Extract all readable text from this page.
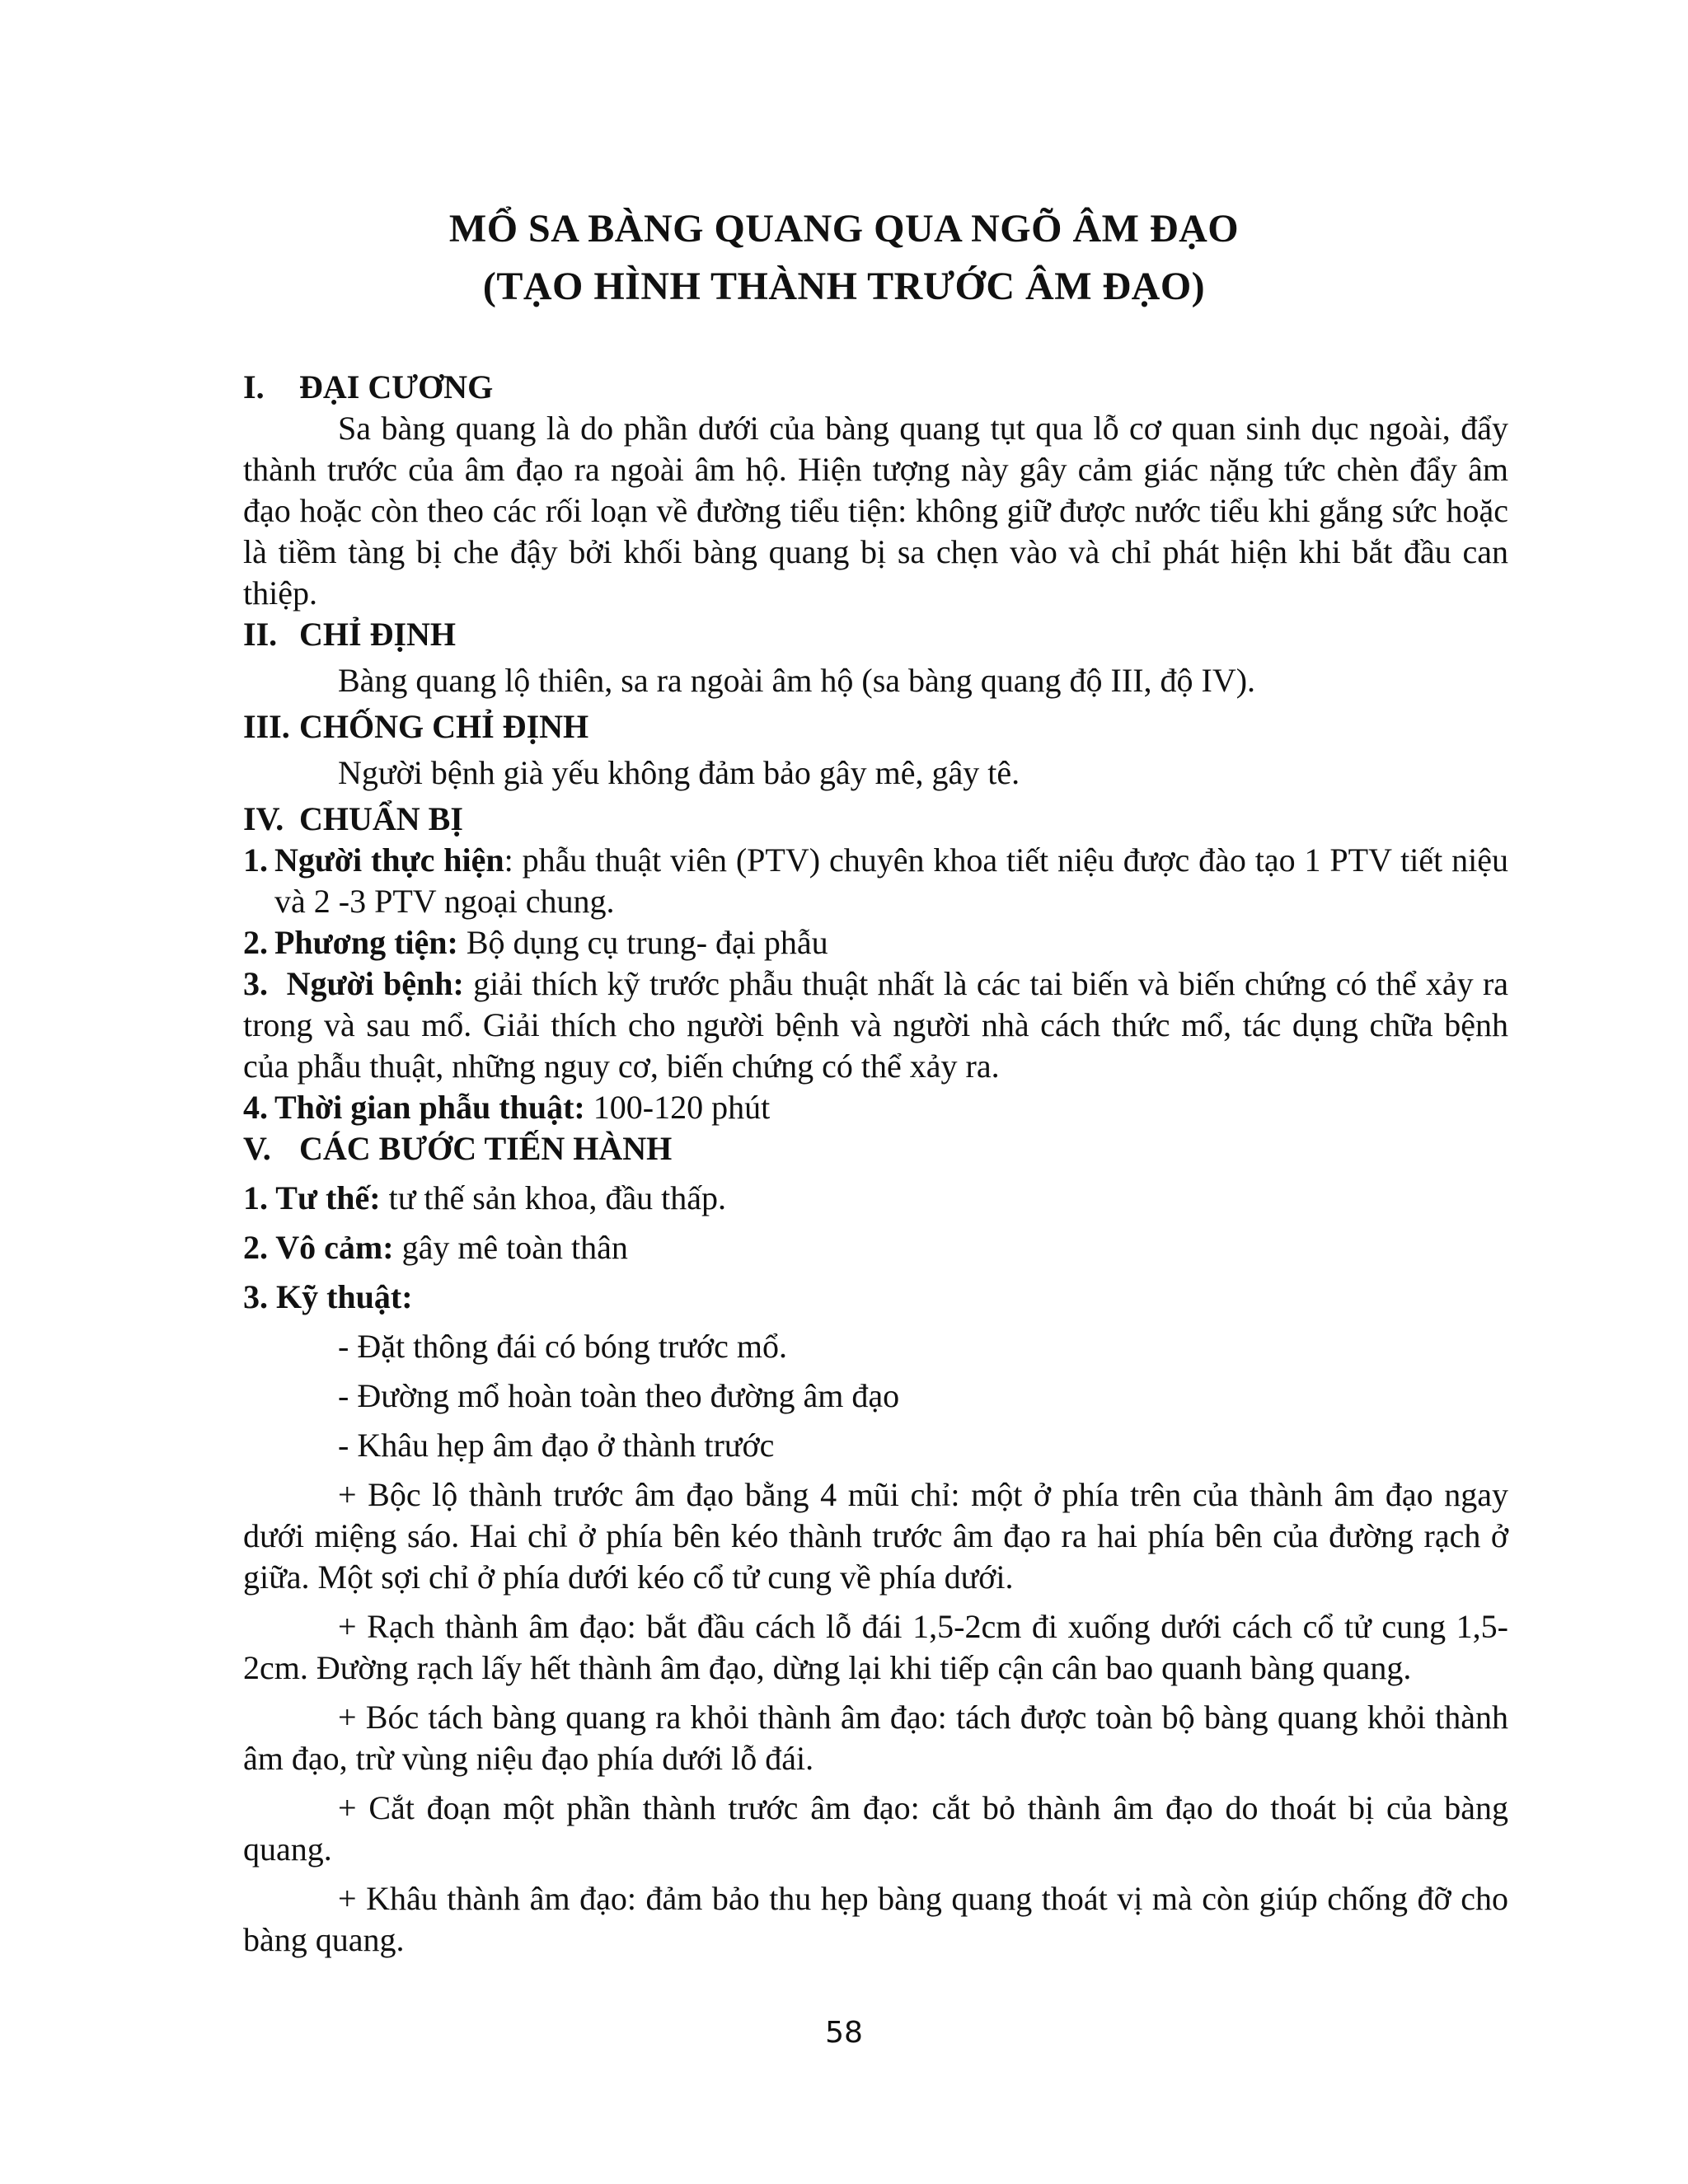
MỔ SA BÀNG QUANG QUA NGÕ ÂM ĐẠO
(TẠO HÌNH THÀNH TRƯỚC ÂM ĐẠO)

I. ĐẠI CƯƠNG

Sa bàng quang là do phần dưới của bàng quang tụt qua lỗ cơ quan sinh dục ngoài, đẩy thành trước của âm đạo ra ngoài âm hộ. Hiện tượng này gây cảm giác nặng tức chèn đẩy âm đạo hoặc còn theo các rối loạn về đường tiểu tiện: không giữ được nước tiểu khi gắng sức hoặc là tiềm tàng bị che đậy bởi khối bàng quang bị sa chẹn vào và chỉ phát hiện khi bắt đầu can thiệp.

II. CHỈ ĐỊNH

Bàng quang lộ thiên, sa ra ngoài âm hộ (sa bàng quang độ III, độ IV).

III. CHỐNG CHỈ ĐỊNH

Người bệnh già yếu không đảm bảo gây mê, gây tê.

IV. CHUẨN BỊ

1. Người thực hiện: phẫu thuật viên (PTV) chuyên khoa tiết niệu được đào tạo 1 PTV tiết niệu và 2 -3 PTV ngoại chung.
2. Phương tiện: Bộ dụng cụ trung- đại phẫu
3. Người bệnh: giải thích kỹ trước phẫu thuật nhất là các tai biến và biến chứng có thể xảy ra trong và sau mổ. Giải thích cho người bệnh và người nhà cách thức mổ, tác dụng chữa bệnh của phẫu thuật, những nguy cơ, biến chứng có thể xảy ra.
4. Thời gian phẫu thuật: 100-120 phút

V. CÁC BƯỚC TIẾN HÀNH

1. Tư thế: tư thế sản khoa, đầu thấp.

2. Vô cảm: gây mê toàn thân

3. Kỹ thuật:

- Đặt thông đái có bóng trước mổ.

- Đường mổ hoàn toàn theo đường âm đạo

- Khâu hẹp âm đạo ở thành trước

+ Bộc lộ thành trước âm đạo bằng 4 mũi chỉ: một ở phía trên của thành âm đạo ngay dưới miệng sáo. Hai chỉ ở phía bên kéo thành trước âm đạo ra hai phía bên của đường rạch ở giữa. Một sợi chỉ ở phía dưới kéo cổ tử cung về phía dưới.

+ Rạch thành âm đạo: bắt đầu cách lỗ đái 1,5-2cm đi xuống dưới cách cổ tử cung 1,5-2cm. Đường rạch lấy hết thành âm đạo, dừng lại khi tiếp cận cân bao quanh bàng quang.

+ Bóc tách bàng quang ra khỏi thành âm đạo: tách được toàn bộ bàng quang khỏi thành âm đạo, trừ vùng niệu đạo phía dưới lỗ đái.

+ Cắt đoạn một phần thành trước âm đạo: cắt bỏ thành âm đạo do thoát bị của bàng quang.

+ Khâu thành âm đạo: đảm bảo thu hẹp bàng quang thoát vị mà còn giúp chống đỡ cho bàng quang.

58
